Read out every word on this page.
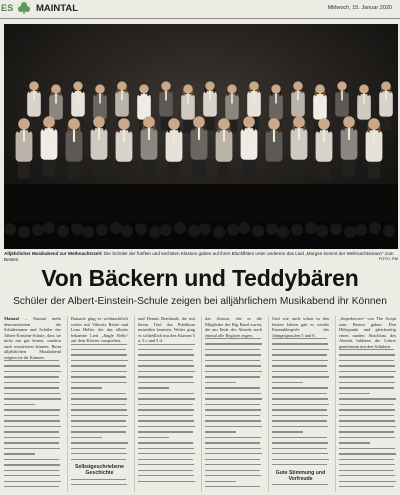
ES MAINTAL	Mittwoch, 15. Januar 2020
Alljährlicher Musikabend zur Weihnachtszeit: Die Schüler der fünften und sechsten Klassen gaben auf ihren Blockflöten unter anderem das Lied „Morgen kommt der Weihnachtsmann“ zum Besten.	FOTO: PM
Von Bäckern und Teddybären
Schüler der Albert-Einstein-Schule zeigen bei alljährlichem Musikabend ihr Können

Maintal – Einmal mehr demonstrierten die Schülerinnen und Schüler der Albert-Einstein-Schule, dass sie nicht nur gut lernen, sondern auch musizieren können. Beim alljährlichen Musikabend zeigten sie ihr Können.

Damach ging es weihnachtlich weiter mit Viktoria Reiter und Lena Heller, die das allseits bekannte Lied „Jingle Bells“ auf dem Klavier vorspielten.

Selbstgeschriebene Geschichte

und Dennis Bernhardt, die mit ihrem Titel das Publikum mitreißen konnten. Weiter ging es schließlich mit den Klassen 5 a, 5 c und 5 d.

das Atrium, ehe es die Mitglieder der Big Band waren, die am Ende des Abends noch einmal alle Register zogen.

Und wie auch schon in den letzten Jahren gab es wieder Ensemblespiele der Jahrgangsstufen 5 und 6.

Gute Stimmung und Vorfreude

„Superheroes“ von The Script zum Besten gaben. Den Höhepunkt und gleichzeitig einen runden Abschluss des Abends bildeten die Lehrer gemeinsam mit den Schülern.
